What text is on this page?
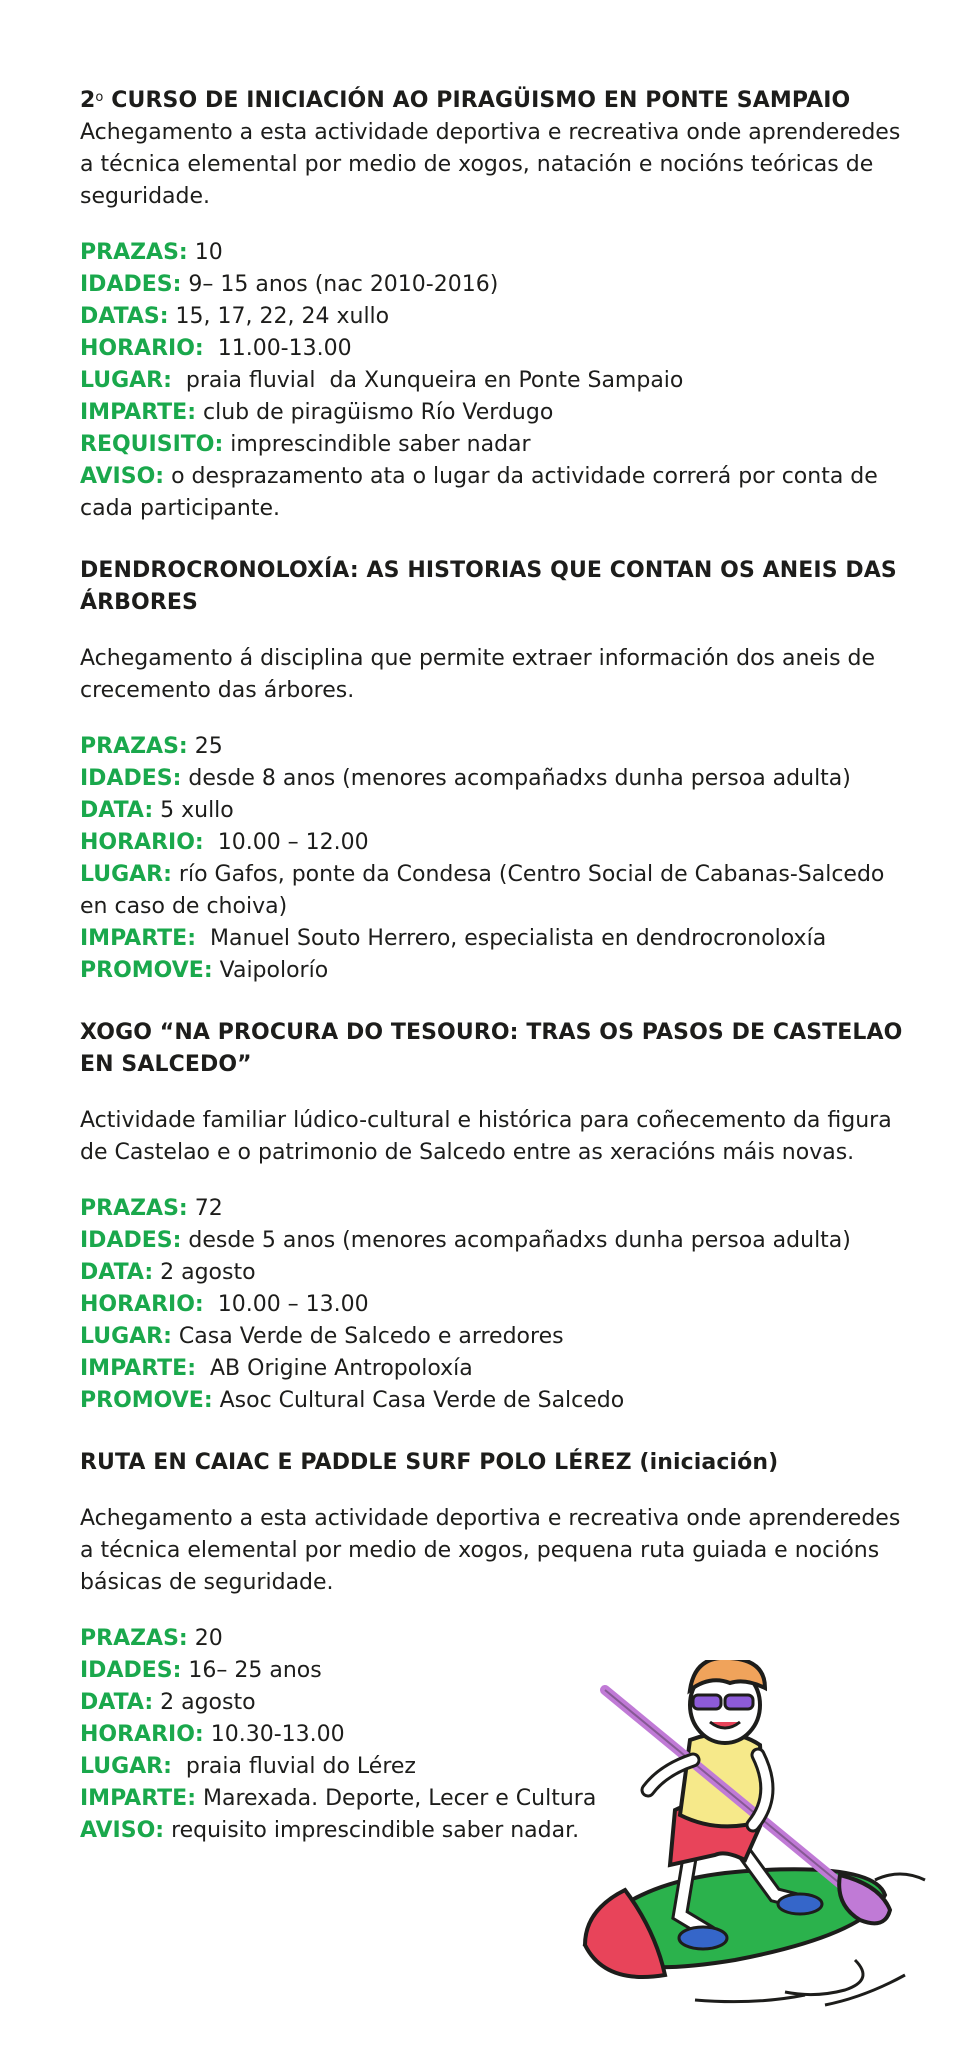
2$^o$ CURSO DE INICIACIÓN AO PIRAGÜISMO EN PONTE SAMPAIO

Achegamento a esta actividade deportiva e recreativa onde aprenderedes a técnica elemental por medio de xogos, natación e nocións teóricas de seguridade.

PRAZAS: 10

IDADES: 9– 15 anos (nac 2010-2016)

DATAS: 15, 17, 22, 24 xullo

HORARIO:  11.00-13.00

LUGAR:  praia fluvial  da Xunqueira en Ponte Sampaio

IMPARTE: club de piragüismo Río Verdugo

REQUISITO: imprescindible saber nadar

AVISO: o desprazamento ata o lugar da actividade correrá por conta de cada participante.

DENDROCRONOLOXÍA: AS HISTORIAS QUE CONTAN OS ANEIS DAS ÁRBORES

Achegamento á disciplina que permite extraer información dos aneis de crecemento das árbores.

PRAZAS: 25

IDADES: desde 8 anos (menores acompañadxs dunha persoa adulta)

DATA: 5 xullo

HORARIO:  10.00 – 12.00

LUGAR: río Gafos, ponte da Condesa (Centro Social de Cabanas-Salcedo en caso de choiva)

IMPARTE:  Manuel Souto Herrero, especialista en dendrocronoloxía

PROMOVE: Vaipolorío

XOGO “NA PROCURA DO TESOURO: TRAS OS PASOS DE CASTELAO EN SALCEDO”

Actividade familiar lúdico-cultural e histórica para coñecemento da figura de Castelao e o patrimonio de Salcedo entre as xeracións máis novas.

PRAZAS: 72

IDADES: desde 5 anos (menores acompañadxs dunha persoa adulta)

DATA: 2 agosto

HORARIO:  10.00 – 13.00

LUGAR: Casa Verde de Salcedo e arredores

IMPARTE:  AB Origine Antropoloxía

PROMOVE: Asoc Cultural Casa Verde de Salcedo

RUTA EN CAIAC E PADDLE SURF POLO LÉREZ (iniciación)

Achegamento a esta actividade deportiva e recreativa onde aprenderedes a técnica elemental por medio de xogos, pequena ruta guiada e nocións básicas de seguridade.

PRAZAS: 20

IDADES: 16– 25 anos

DATA: 2 agosto

HORARIO: 10.30-13.00

LUGAR:  praia fluvial do Lérez

IMPARTE: Marexada. Deporte, Lecer e Cultura

AVISO: requisito imprescindible saber nadar.
